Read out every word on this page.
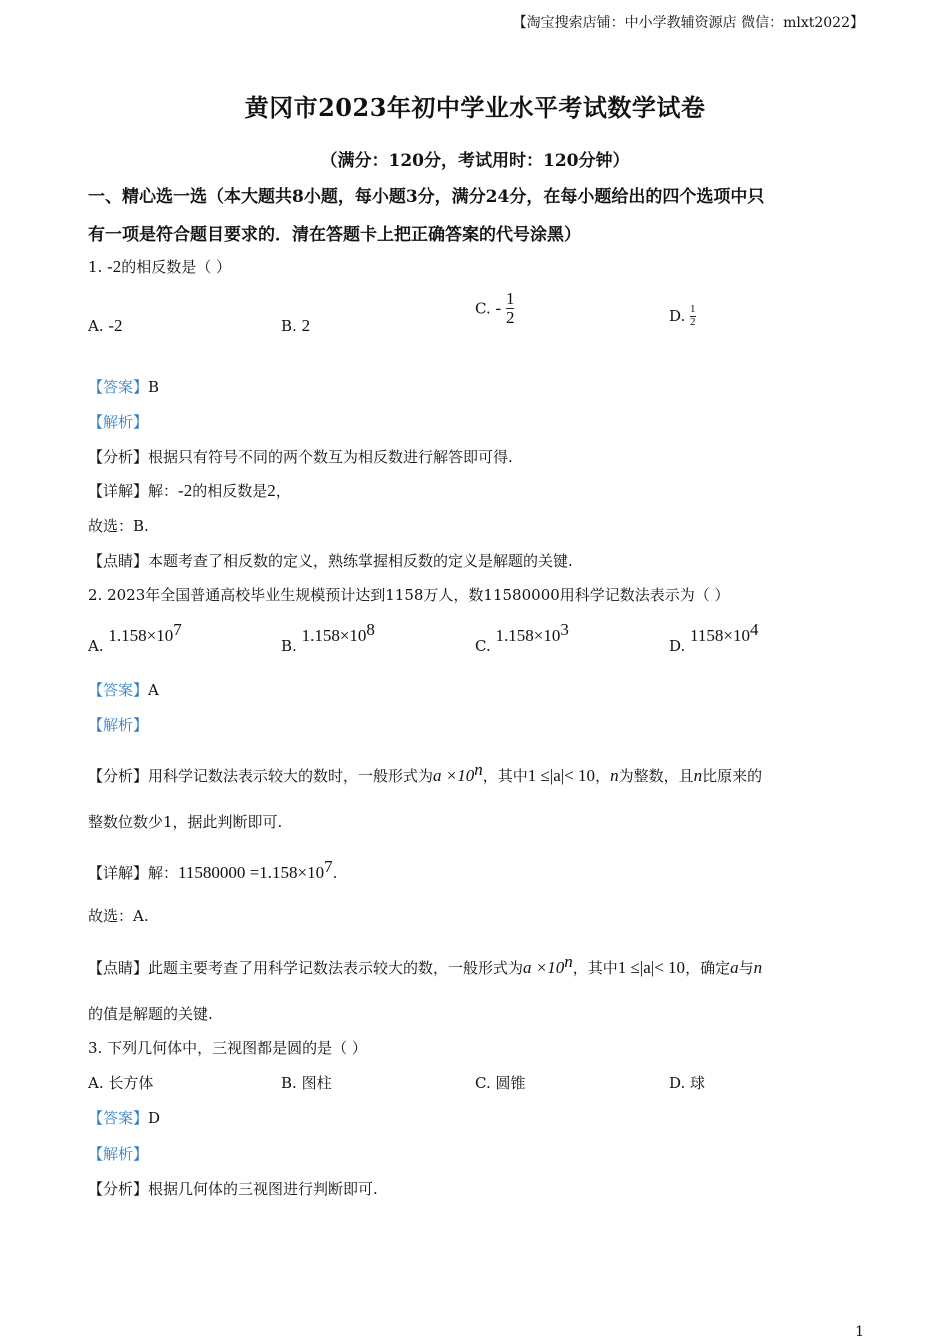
【淘宝搜索店铺：中小学教辅资源店 微信：mlxt2022】
黄冈市2023年初中学业水平考试数学试卷
（满分：120分，考试用时：120分钟）
一、精心选一选（本大题共8小题，每小题3分，满分24分，在每小题给出的四个选项中只
有一项是符合题目要求的．清在答题卡上把正确答案的代号涂黑）
1. -2的相反数是（ ）
A. -2	B. 2
C. - $\frac{1}{2}$	D. $\frac{1}{2}$
【答案】B
【解析】
【分析】根据只有符号不同的两个数互为相反数进行解答即可得.
【详解】解：-2的相反数是2，
故选：B.
【点睛】本题考查了相反数的定义，熟练掌握相反数的定义是解题的关键.
2. 2023年全国普通高校毕业生规模预计达到1158万人，数11580000用科学记数法表示为（ ）
A. $1.158\times 10^7$
B. $1.158\times 10^8$
C. $1.158\times 10^3$
D. $1158\times 10^4$
【答案】A
【解析】
【分析】用科学记数法表示较大的数时，一般形式为$a \times 10^n$，其中1 ≤|a|< 10，n为整数，且n比原来的
整数位数少1，据此判断即可.
【详解】解：$11580000 =1.158\times 10^7$.
故选：A.
【点睛】此题主要考查了用科学记数法表示较大的数，一般形式为$a \times 10^n$，其中1 ≤|a|< 10，确定a与n
的值是解题的关键.
3. 下列几何体中，三视图都是圆的是（ ）
A. 长方体	B. 图柱	C. 圆锥	D. 球
【答案】D
【解析】
【分析】根据几何体的三视图进行判断即可.
1
